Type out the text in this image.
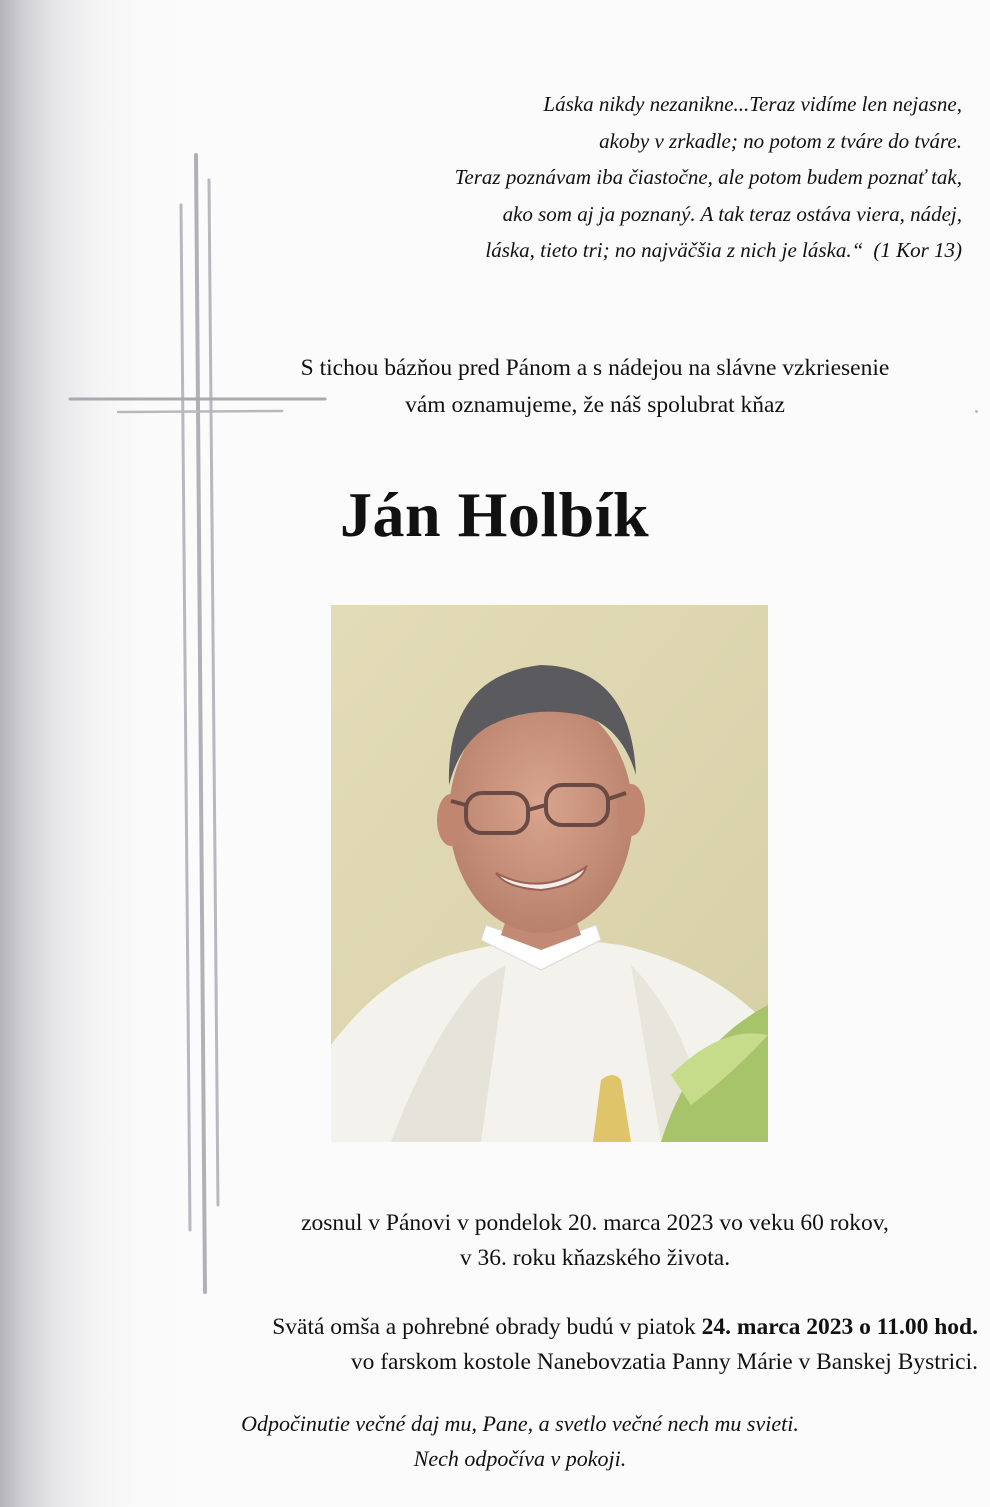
Láska nikdy nezanikne...Teraz vidíme len nejasne,
akoby v zrkadle; no potom z tváre do tváre.
Teraz poznávam iba čiastočne, ale potom budem poznať tak,
ako som aj ja poznaný. A tak teraz ostáva viera, nádej,
láska, tieto tri; no najväčšia z nich je láska.“ (1 Kor 13)
S tichou bázňou pred Pánom a s nádejou na slávne vzkriesenie
vám oznamujeme, že náš spolubrat kňaz
Ján Holbík
zosnul v Pánovi v pondelok 20. marca 2023 vo veku 60 rokov,
v 36. roku kňazského života.
Svätá omša a pohrebné obrady budú v piatok 24. marca 2023 o 11.00 hod.
vo farskom kostole Nanebovzatia Panny Márie v Banskej Bystrici.
Odpočinutie večné daj mu, Pane, a svetlo večné nech mu svieti.
Nech odpočíva v pokoji.
